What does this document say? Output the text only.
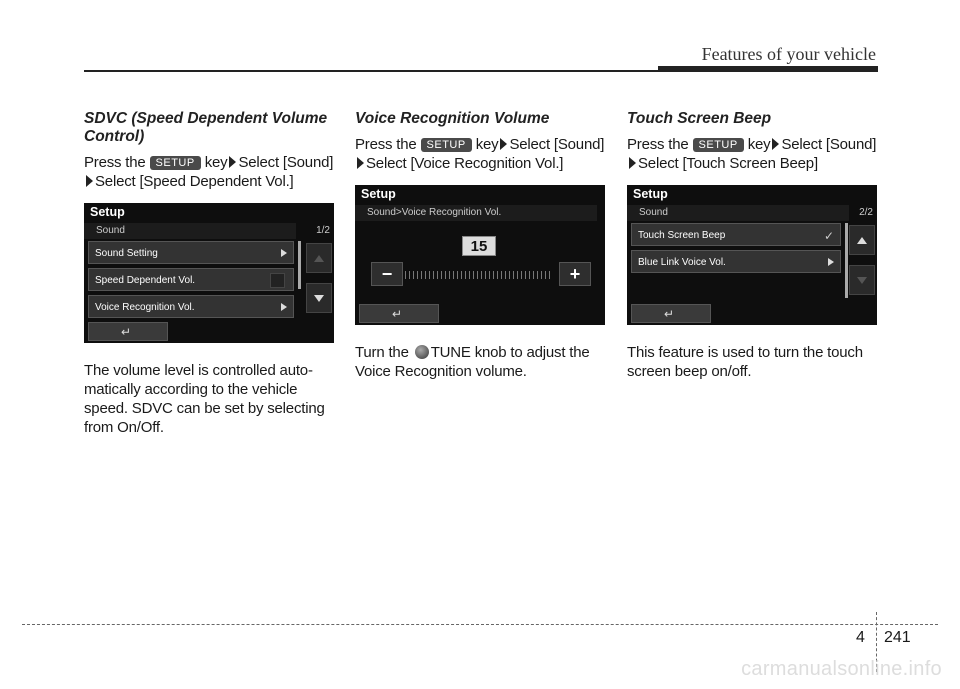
Features of your vehicle

SDVC (Speed Dependent Volume Control)

Press the SETUP key Select [Sound]
Select [Speed Dependent Vol.]

Setup
Sound	1/2
Sound Setting
Speed Dependent Vol.
Voice Recognition Vol.
↵

The volume level is controlled auto-matically according to the vehicle speed. SDVC can be set by selecting from On/Off.

Voice Recognition Volume

Press the SETUP key Select [Sound]
Select [Voice Recognition Vol.]

Setup
Sound>Voice Recognition Vol.
15
−	+
↵

Turn the TUNE knob to adjust the Voice Recognition volume.

Touch Screen Beep

Press the SETUP key Select [Sound]
Select [Touch Screen Beep]

Setup
Sound	2/2
Touch Screen Beep	✓
Blue Link Voice Vol.
↵

This feature is used to turn the touch screen beep on/off.

4 241
carmanualsonline.info
